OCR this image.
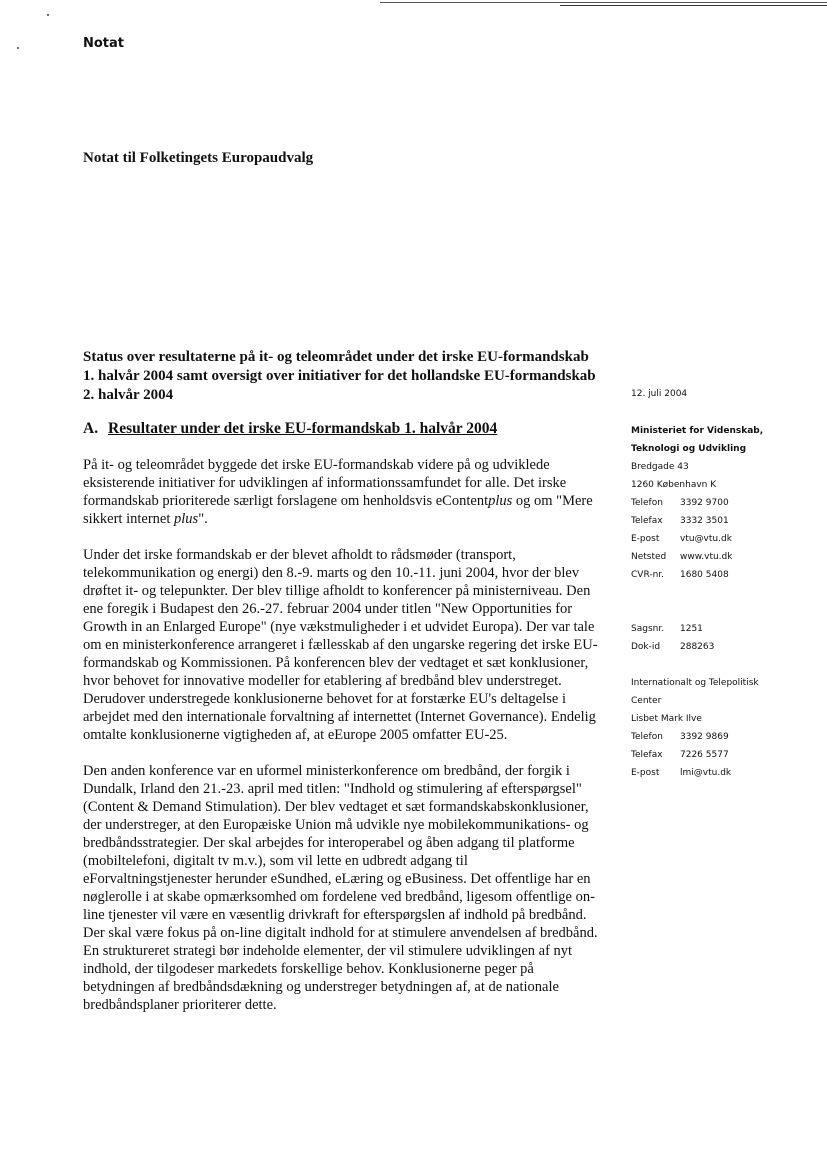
Notat
Notat til Folketingets Europaudvalg
Status over resultaterne på it- og teleområdet under det irske EU-formandskab 1. halvår 2004 samt oversigt over initiativer for det hollandske EU-formandskab 2. halvår 2004
A. Resultater under det irske EU-formandskab 1. halvår 2004

På it- og teleområdet byggede det irske EU-formandskab videre på og udviklede eksisterende initiativer for udviklingen af informationssamfundet for alle. Det irske formandskab prioriterede særligt forslagene om henholdsvis eContentplus og om "Mere sikkert internet plus".

Under det irske formandskab er der blevet afholdt to rådsmøder (transport, telekommunikation og energi) den 8.-9. marts og den 10.-11. juni 2004, hvor der blev drøftet it- og telepunkter. Der blev tillige afholdt to konferencer på ministerniveau. Den ene foregik i Budapest den 26.-27. februar 2004 under titlen "New Opportunities for Growth in an Enlarged Europe" (nye vækstmuligheder i et udvidet Europa). Der var tale om en ministerkonference arrangeret i fællesskab af den ungarske regering det irske EU-formandskab og Kommissionen. På konferencen blev der vedtaget et sæt konklusioner, hvor behovet for innovative modeller for etablering af bredbånd blev understreget. Derudover understregede konklusionerne behovet for at forstærke EU's deltagelse i arbejdet med den internationale forvaltning af internettet (Internet Governance). Endelig omtalte konklusionerne vigtigheden af, at eEurope 2005 omfatter EU-25.

Den anden konference var en uformel ministerkonference om bredbånd, der forgik i Dundalk, Irland den 21.-23. april med titlen: "Indhold og stimulering af efterspørgsel" (Content & Demand Stimulation). Der blev vedtaget et sæt formandskabskonklusioner, der understreger, at den Europæiske Union må udvikle nye mobilekommunikations- og bredbåndsstrategier. Der skal arbejdes for interoperabel og åben adgang til platforme (mobiltelefoni, digitalt tv m.v.), som vil lette en udbredt adgang til eForvaltningstjenester herunder eSundhed, eLæring og eBusiness. Det offentlige har en nøglerolle i at skabe opmærksomhed om fordelene ved bredbånd, ligesom offentlige on-line tjenester vil være en væsentlig drivkraft for efterspørgslen af indhold på bredbånd. Der skal være fokus på on-line digitalt indhold for at stimulere anvendelsen af bredbånd. En struktureret strategi bør indeholde elementer, der vil stimulere udviklingen af nyt indhold, der tilgodeser markedets forskellige behov. Konklusionerne peger på betydningen af bredbåndsdækning og understreger betydningen af, at de nationale bredbåndsplaner prioriterer dette.

12. juli 2004
Ministeriet for Videnskab,
Teknologi og Udvikling
Bredgade 43
1260 København K
Telefon	3392 9700
Telefax	3332 3501
E-post	vtu@vtu.dk
Netsted	www.vtu.dk
CVR-nr.	1680 5408
Sagsnr.	1251
Dok-id	288263
Internationalt og Telepolitisk
Center
Lisbet Mark Ilve
Telefon	3392 9869
Telefax	7226 5577
E-post	lmi@vtu.dk
